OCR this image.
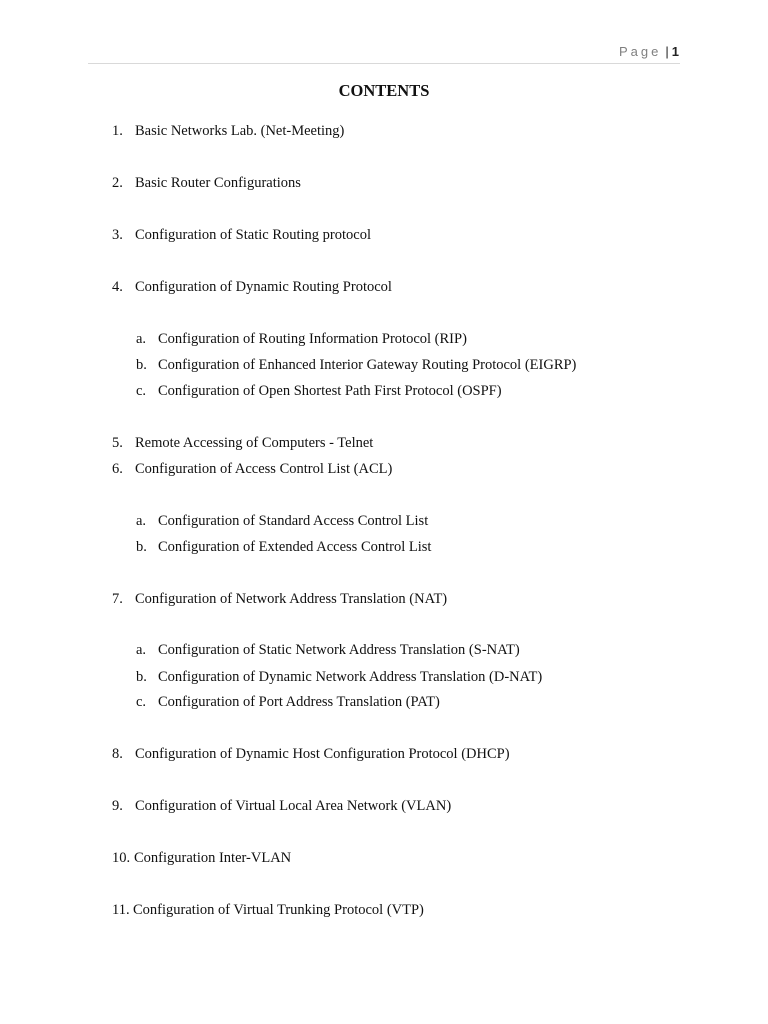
Page | 1
CONTENTS
1. Basic Networks Lab. (Net-Meeting)
2. Basic Router Configurations
3. Configuration of Static Routing protocol
4. Configuration of Dynamic Routing Protocol
a. Configuration of Routing Information Protocol (RIP)
b. Configuration of Enhanced Interior Gateway Routing Protocol (EIGRP)
c. Configuration of Open Shortest Path First Protocol (OSPF)
5. Remote Accessing of Computers - Telnet
6. Configuration of Access Control List (ACL)
a. Configuration of Standard Access Control List
b. Configuration of Extended Access Control List
7. Configuration of Network Address Translation (NAT)
a. Configuration of Static Network Address Translation (S-NAT)
b. Configuration of Dynamic Network Address Translation (D-NAT)
c. Configuration of Port Address Translation (PAT)
8. Configuration of Dynamic Host Configuration Protocol (DHCP)
9. Configuration of Virtual Local Area Network (VLAN)
10. Configuration Inter-VLAN
11. Configuration of Virtual Trunking Protocol (VTP)
